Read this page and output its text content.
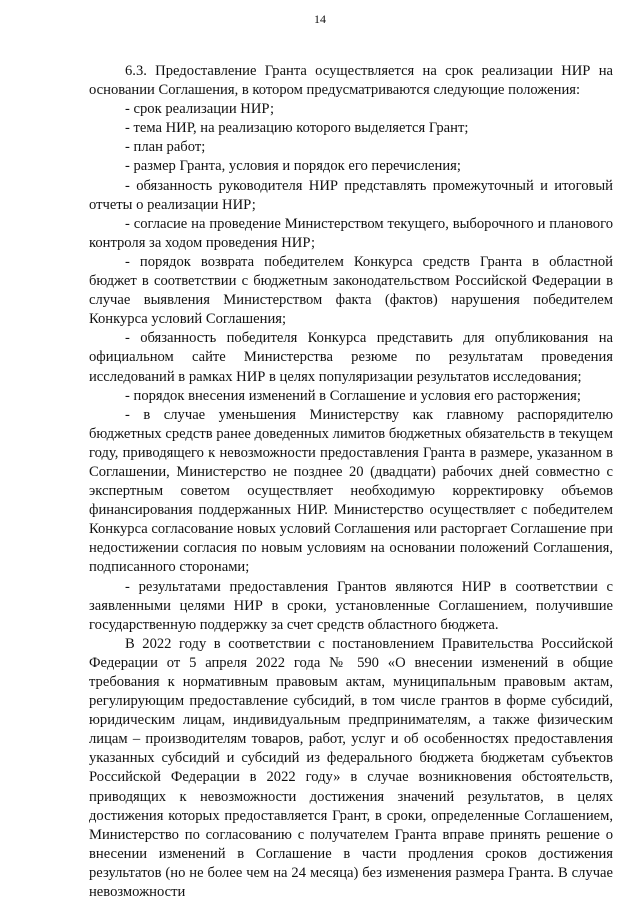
14

6.3. Предоставление Гранта осуществляется на срок реализации НИР на основании Соглашения, в котором предусматриваются следующие положения:

- срок реализации НИР;

- тема НИР, на реализацию которого выделяется Грант;

- план работ;

- размер Гранта, условия и порядок его перечисления;

- обязанность руководителя НИР представлять промежуточный и итоговый отчеты о реализации НИР;

- согласие на проведение Министерством текущего, выборочного и планового контроля за ходом проведения НИР;

- порядок возврата победителем Конкурса средств Гранта в областной бюджет в соответствии с бюджетным законодательством Российской Федерации в случае выявления Министерством факта (фактов) нарушения победителем Конкурса условий Соглашения;

- обязанность победителя Конкурса представить для опубликования на официальном сайте Министерства резюме по результатам проведения исследований в рамках НИР в целях популяризации результатов исследования;

- порядок внесения изменений в Соглашение и условия его расторжения;

- в случае уменьшения Министерству как главному распорядителю бюджетных средств ранее доведенных лимитов бюджетных обязательств в текущем году, приводящего к невозможности предоставления Гранта в размере, указанном в Соглашении, Министерство не позднее 20 (двадцати) рабочих дней совместно с экспертным советом осуществляет необходимую корректировку объемов финансирования поддержанных НИР. Министерство осуществляет с победителем Конкурса согласование новых условий Соглашения или расторгает Соглашение при недостижении согласия по новым условиям на основании положений Соглашения, подписанного сторонами;

- результатами предоставления Грантов являются НИР в соответствии с заявленными целями НИР в сроки, установленные Соглашением, получившие государственную поддержку за счет средств областного бюджета.

В 2022 году в соответствии с постановлением Правительства Российской Федерации от 5 апреля 2022 года № 590 «О внесении изменений в общие требования к нормативным правовым актам, муниципальным правовым актам, регулирующим предоставление субсидий, в том числе грантов в форме субсидий, юридическим лицам, индивидуальным предпринимателям, а также физическим лицам – производителям товаров, работ, услуг и об особенностях предоставления указанных субсидий и субсидий из федерального бюджета бюджетам субъектов Российской Федерации в 2022 году» в случае возникновения обстоятельств, приводящих к невозможности достижения значений результатов, в целях достижения которых предоставляется Грант, в сроки, определенные Соглашением, Министерство по согласованию с получателем Гранта вправе принять решение о внесении изменений в Соглашение в части продления сроков достижения результатов (но не более чем на 24 месяца) без изменения размера Гранта. В случае невозможности
